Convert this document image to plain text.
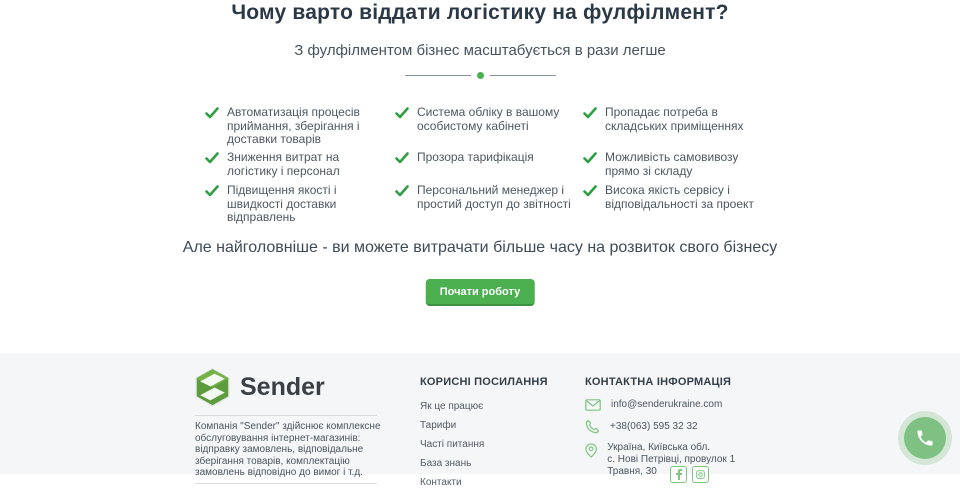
Чому варто віддати логістику на фулфілмент?
З фулфілментом бізнес масштабується в рази легше
Автоматизація процесів приймання, зберігання і доставки товарів
Система обліку в вашому особистому кабінеті
Пропадає потреба в складських приміщеннях
Зниження витрат на логістику і персонал
Прозора тарифікація	Можливість самовивозу прямо зі складу
Підвищення якості і швидкості доставки відправлень
Персональний менеджер і простий доступ до звітності
Висока якість сервісу і відповідальності за проект
Але найголовніше - ви можете витрачати більше часу на розвиток свого бізнесу
Почати роботу
Sender
Компанія "Sender" здійснює комплексне обслуговування інтернет-магазинів: відправку замовлень, відповідальне зберігання товарів, комплектацію замовлень відповідно до вимог і т.д.
КОРИСНІ ПОСИЛАННЯ
Як це працює
Тарифи
Часті питання
База знань
Контакти
КОНТАКТНА ІНФОРМАЦІЯ
info@senderukraine.com
+38(063) 595 32 32
Україна, Київська обл.
с. Нові Петрівці, провулок 1 Травня, 30
